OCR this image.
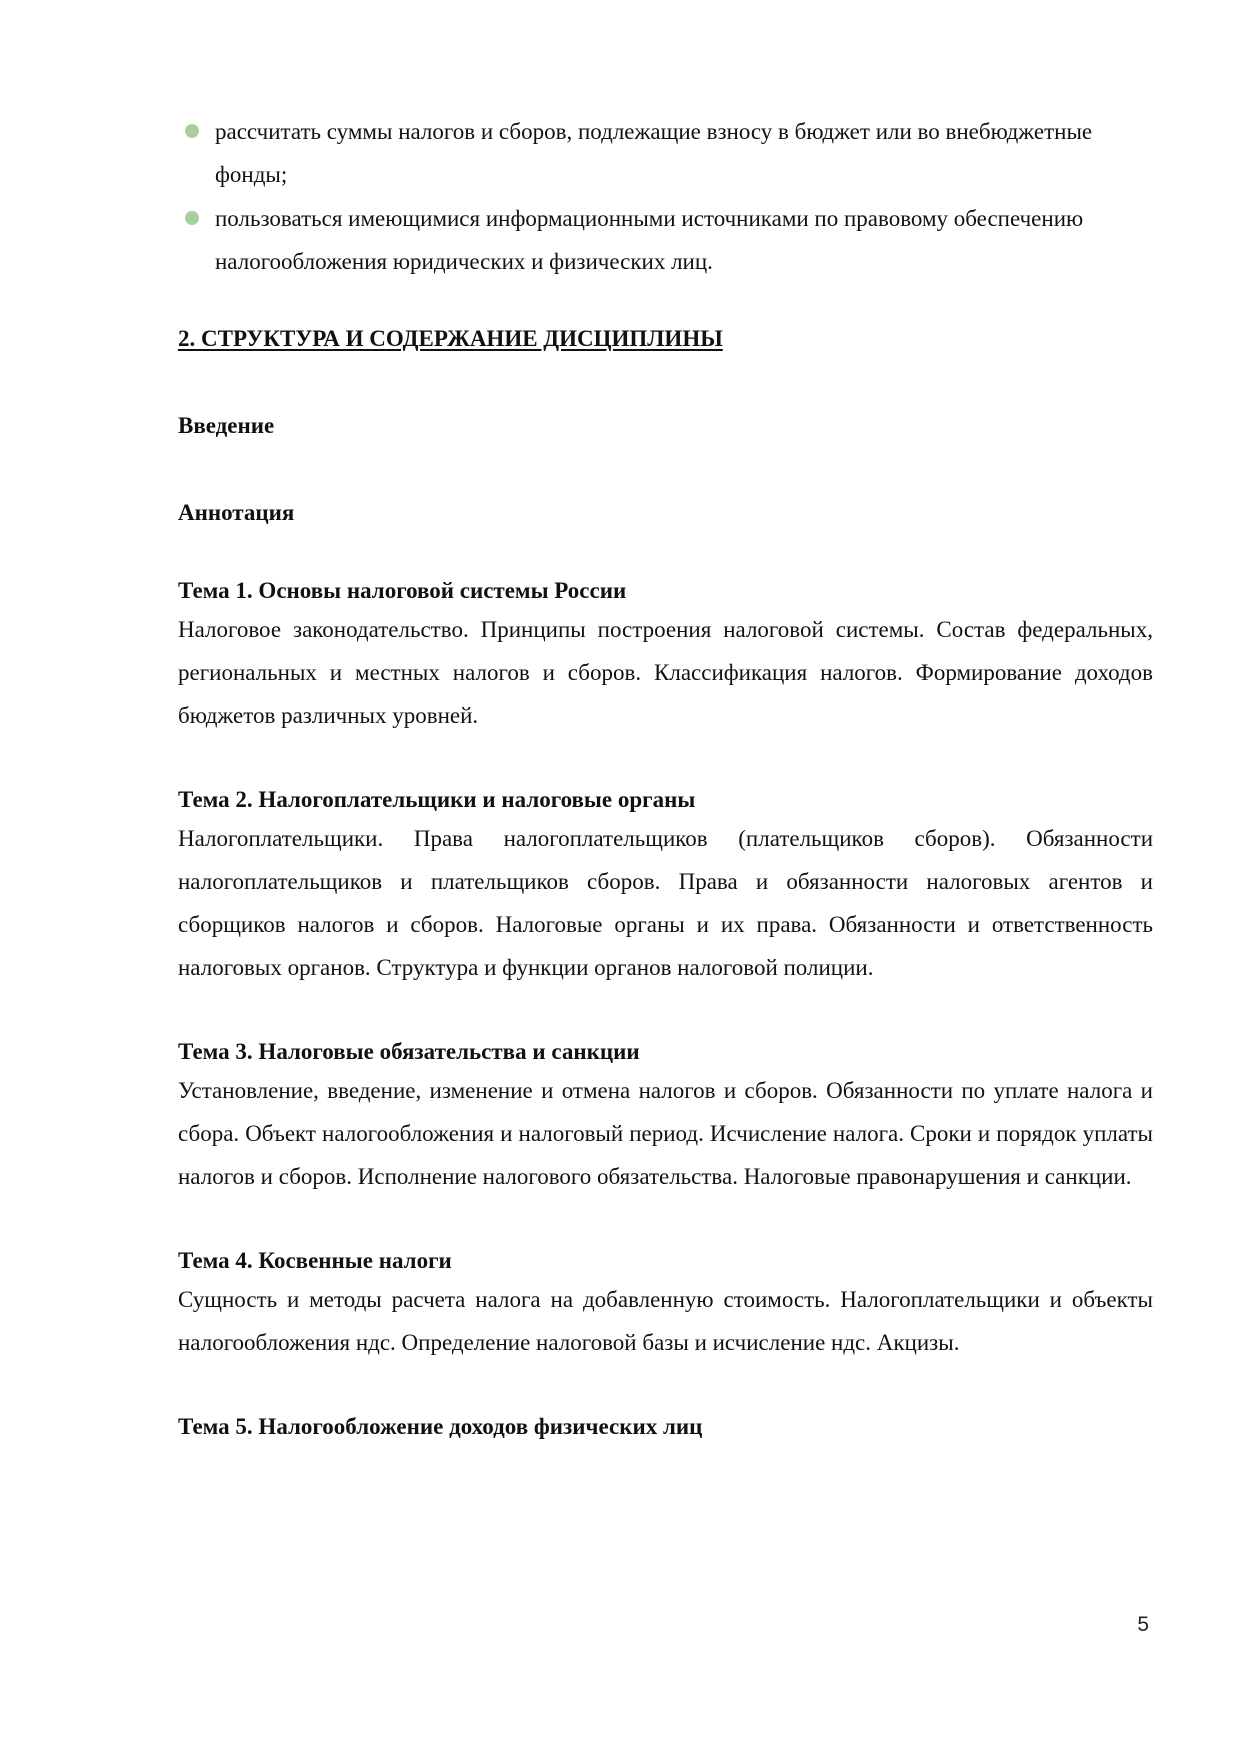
рассчитать суммы налогов и сборов, подлежащие взносу в бюджет или во внебюджетные фонды;
пользоваться имеющимися информационными источниками по правовому обеспечению налогообложения юридических и физических лиц.
2. СТРУКТУРА И СОДЕРЖАНИЕ ДИСЦИПЛИНЫ
Введение
Аннотация

Тема 1. Основы налоговой системы России

Налоговое законодательство. Принципы построения налоговой системы. Состав федеральных, региональных и местных налогов и сборов. Классификация налогов. Формирование доходов бюджетов различных уровней.

Тема 2. Налогоплательщики и налоговые органы

Налогоплательщики. Права налогоплательщиков (плательщиков сборов). Обязанности налогоплательщиков и плательщиков сборов. Права и обязанности налоговых агентов и сборщиков налогов и сборов. Налоговые органы и их права. Обязанности и ответственность налоговых органов. Структура и функции органов налоговой полиции.

Тема 3. Налоговые обязательства и санкции

Установление, введение, изменение и отмена налогов и сборов. Обязанности по уплате налога и сбора. Объект налогообложения и налоговый период. Исчисление налога. Сроки и порядок уплаты налогов и сборов. Исполнение налогового обязательства. Налоговые правонарушения и санкции.

Тема 4. Косвенные налоги

Сущность и методы расчета налога на добавленную стоимость. Налогоплательщики и объекты налогообложения ндс. Определение налоговой базы и исчисление ндс. Акцизы.

Тема 5. Налогообложение доходов физических лиц

5
